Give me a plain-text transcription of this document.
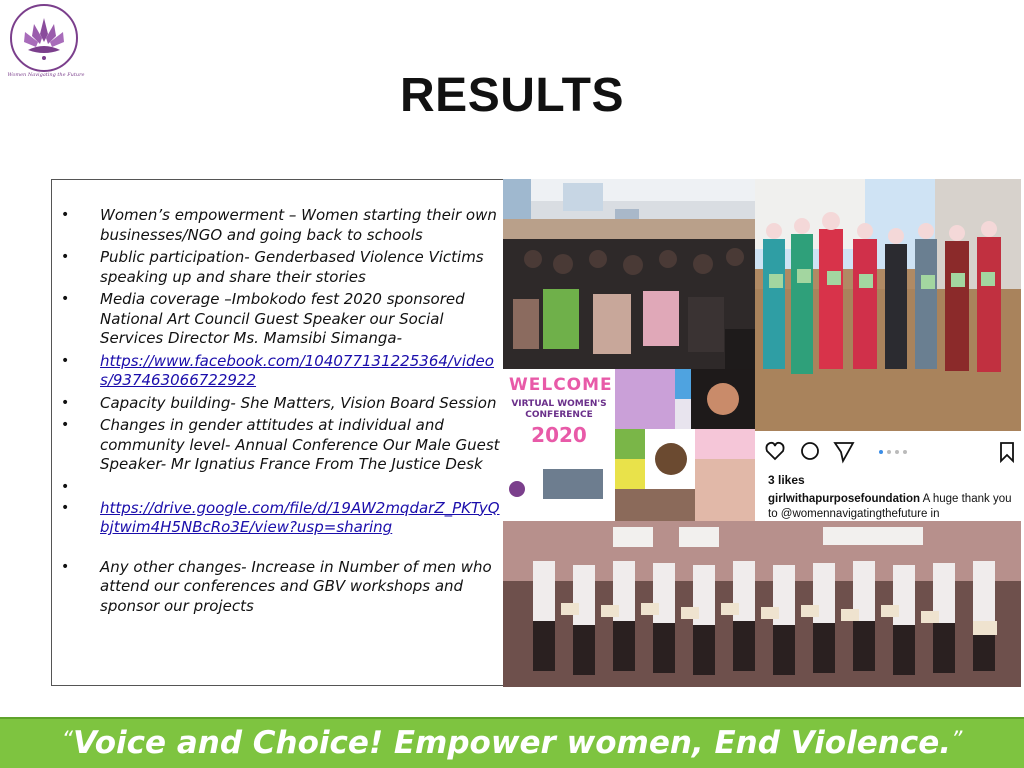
Women Navigating the Future	RESULTS
• Women’s empowerment – Women starting their own businesses/NGO and going back to schools
• Public participation- Genderbased Violence Victims speaking up and share their stories
• Media coverage –Imbokodo fest 2020 sponsored National Art Council Guest Speaker our Social Services Director Ms. Mamsibi Simanga-
• https://www.facebook.com/104077131225364/videos/937463066722922
• Capacity building- She Matters, Vision Board Session
• Changes in gender attitudes at individual and community level- Annual Conference Our Male Guest Speaker- Mr Ignatius France From The Justice Desk
•
• https://drive.google.com/file/d/19AW2mqdarZ_PKTyQbjtwim4H5NBcRo3E/view?usp=sharing
• Any other changes- Increase in Number of men who attend our conferences and GBV workshops and sponsor our projects
WELCOME
VIRTUAL WOMEN'S CONFERENCE
2020
3 likes
girlwithapurposefoundation A huge thank you to @womennavigatingthefuture in
“Voice and Choice! Empower women, End Violence.”
